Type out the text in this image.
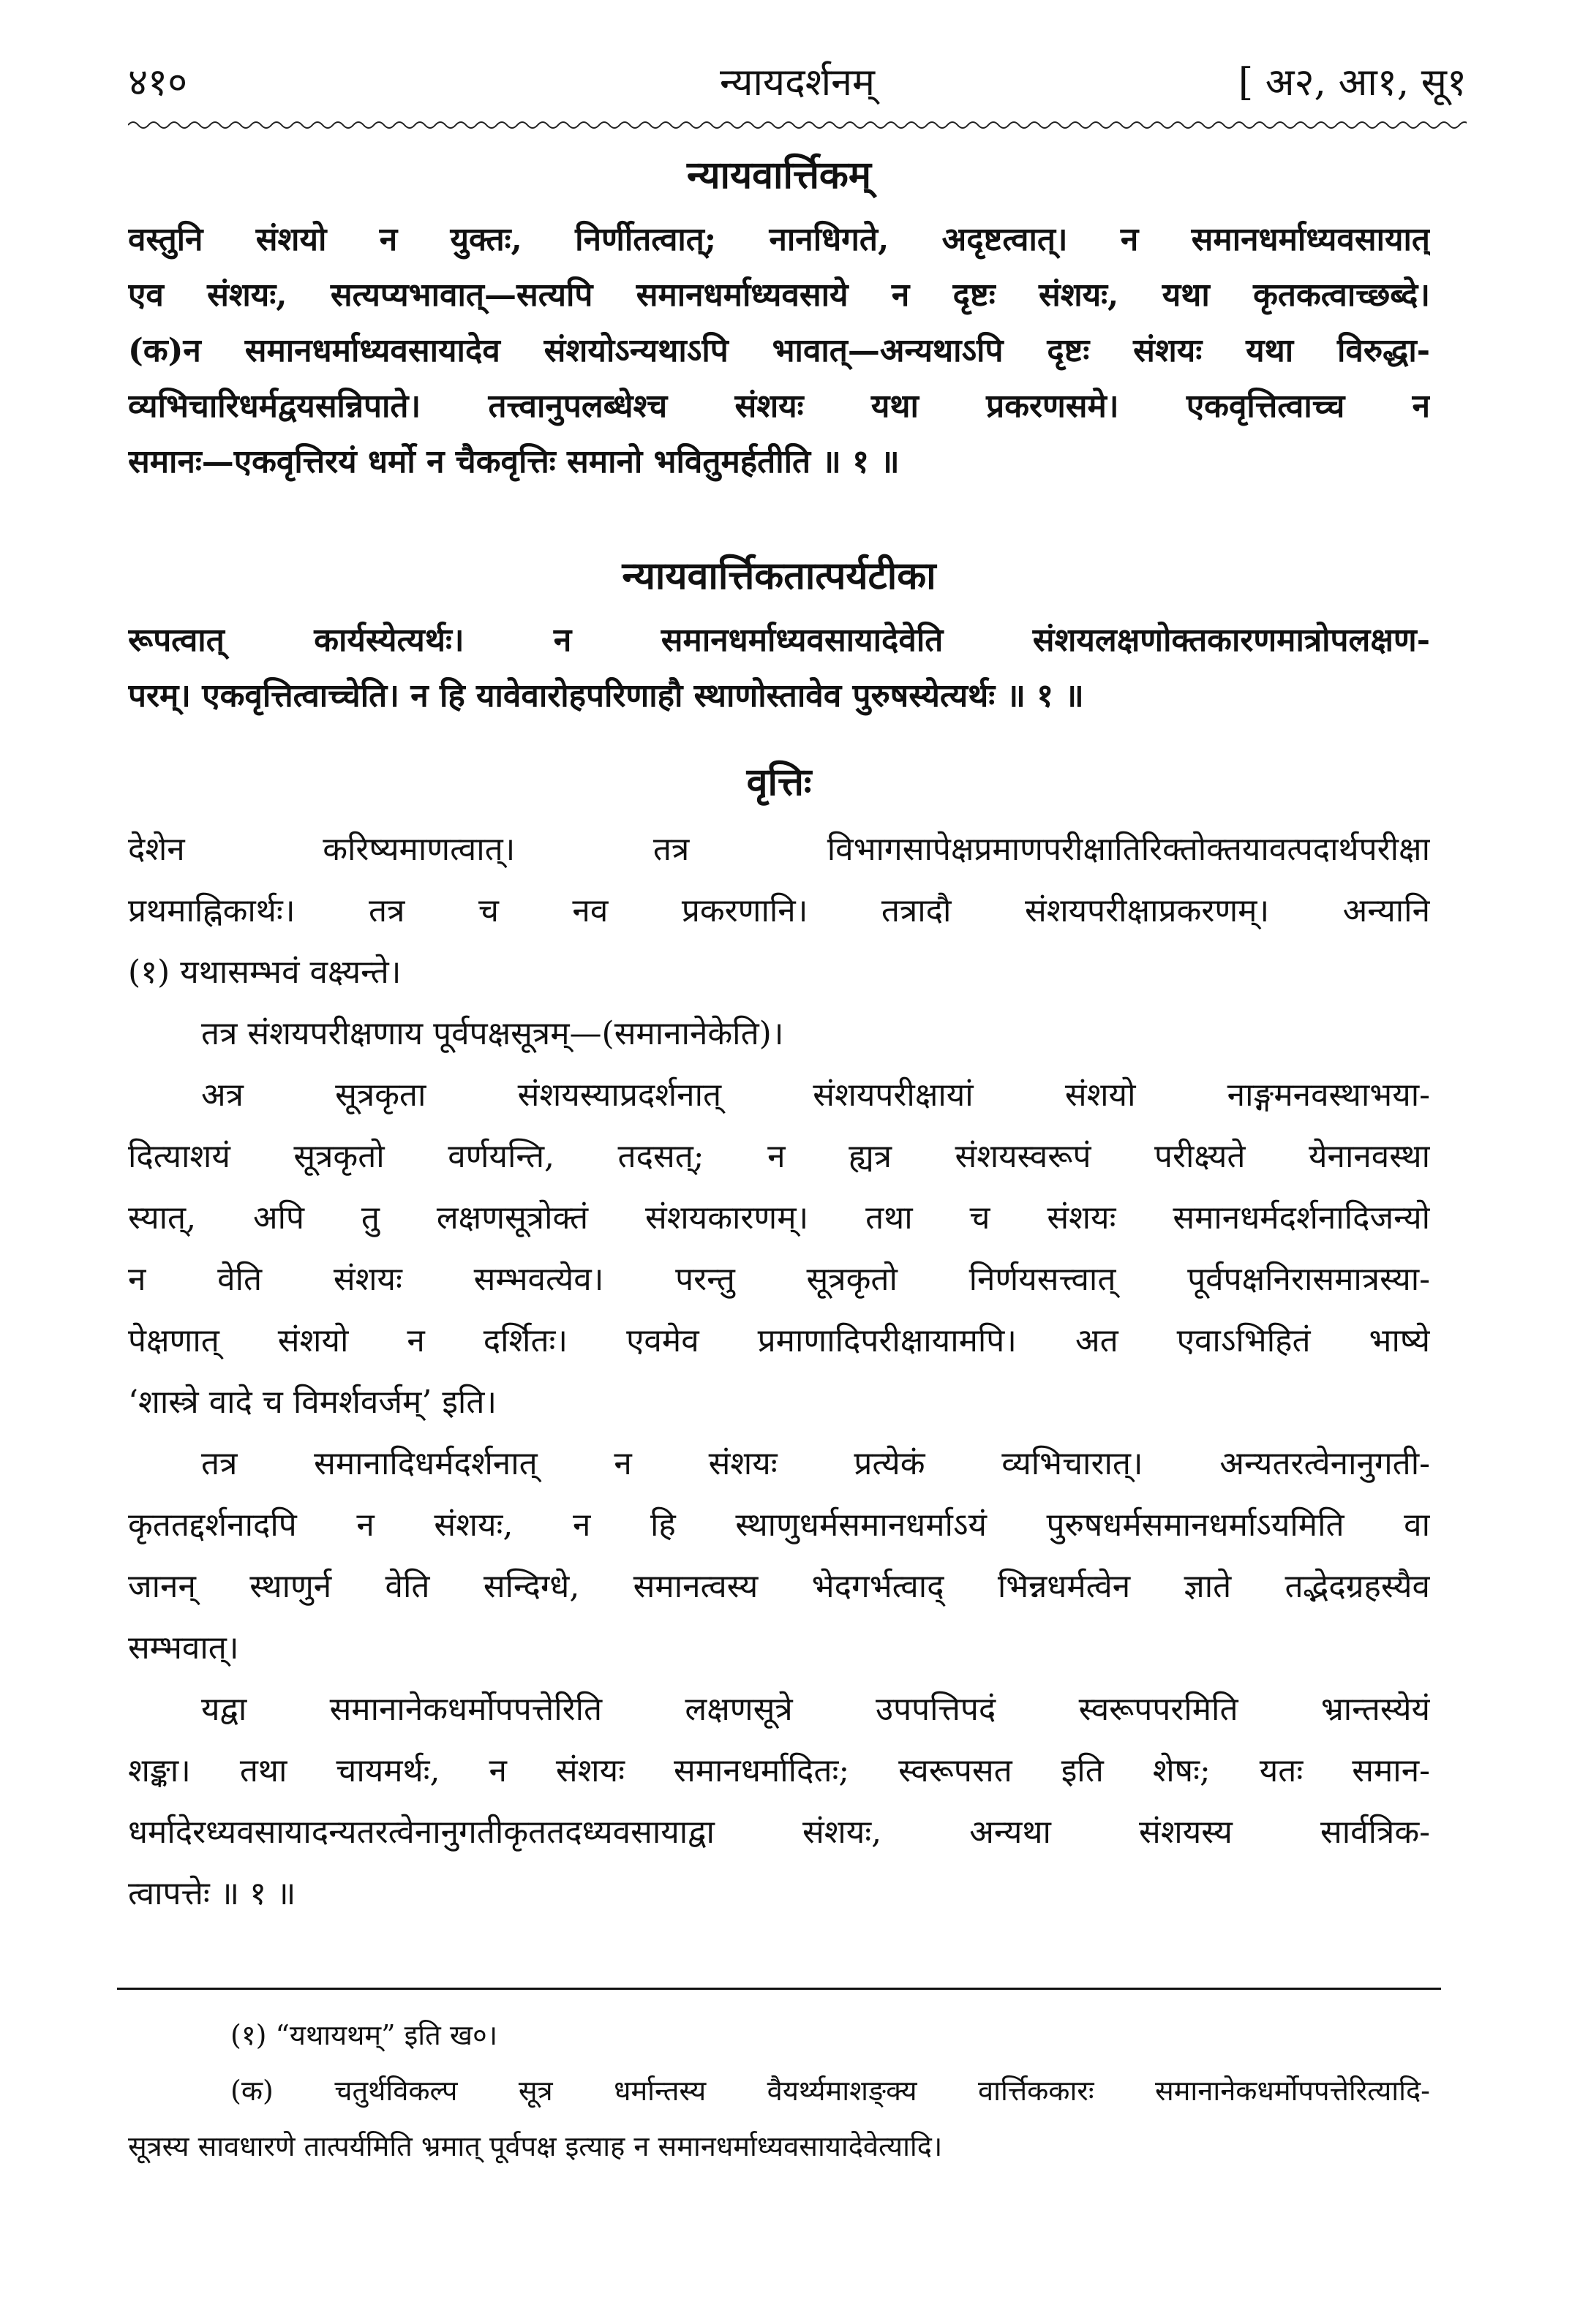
४१०	न्यायदर्शनम्	[ अ२, आ१, सू१
न्यायवार्त्तिकम्
वस्तुनि संशयो न युक्तः, निर्णीतत्वात्; नानधिगते, अदृष्टत्वात्। न समानधर्माध्यवसायात्
एव संशयः, सत्यप्यभावात्—सत्यपि समानधर्माध्यवसाये न दृष्टः संशयः, यथा कृतकत्वाच्छब्दे।
(क)न समानधर्माध्यवसायादेव संशयोऽन्यथाऽपि भावात्—अन्यथाऽपि दृष्टः संशयः यथा विरुद्धा-
व्यभिचारिधर्मद्वयसन्निपाते। तत्त्वानुपलब्धेश्च संशयः यथा प्रकरणसमे। एकवृत्तित्वाच्च न
समानः—एकवृत्तिरयं धर्मो न चैकवृत्तिः समानो भवितुमर्हतीति ॥ १ ॥
न्यायवार्त्तिकतात्पर्यटीका
रूपत्वात् कार्यस्येत्यर्थः। न समानधर्माध्यवसायादेवेति संशयलक्षणोक्तकारणमात्रोपलक्षण-
परम्। एकवृत्तित्वाच्चेति। न हि यावेवारोहपरिणाहौ स्थाणोस्तावेव पुरुषस्येत्यर्थः ॥ १ ॥
वृत्तिः
देशेन करिष्यमाणत्वात्। तत्र विभागसापेक्षप्रमाणपरीक्षातिरिक्तोक्तयावत्पदार्थपरीक्षा
प्रथमाह्निकार्थः। तत्र च नव प्रकरणानि। तत्रादौ संशयपरीक्षाप्रकरणम्। अन्यानि
(१) यथासम्भवं वक्ष्यन्ते।
तत्र संशयपरीक्षणाय पूर्वपक्षसूत्रम्—(समानानेकेति)।
अत्र सूत्रकृता संशयस्याप्रदर्शनात् संशयपरीक्षायां संशयो नाङ्गमनवस्थाभया-
दित्याशयं सूत्रकृतो वर्णयन्ति, तदसत्; न ह्यत्र संशयस्वरूपं परीक्ष्यते येनानवस्था
स्यात्, अपि तु लक्षणसूत्रोक्तं संशयकारणम्। तथा च संशयः समानधर्मदर्शनादिजन्यो
न वेति संशयः सम्भवत्येव। परन्तु सूत्रकृतो निर्णयसत्त्वात् पूर्वपक्षनिरासमात्रस्या-
पेक्षणात् संशयो न दर्शितः। एवमेव प्रमाणादिपरीक्षायामपि। अत एवाऽभिहितं भाष्ये
‘शास्त्रे वादे च विमर्शवर्जम्’ इति।
तत्र समानादिधर्मदर्शनात् न संशयः प्रत्येकं व्यभिचारात्। अन्यतरत्वेनानुगती-
कृततद्दर्शनादपि न संशयः, न हि स्थाणुधर्मसमानधर्माऽयं पुरुषधर्मसमानधर्माऽयमिति वा
जानन् स्थाणुर्न वेति सन्दिग्धे, समानत्वस्य भेदगर्भत्वाद् भिन्नधर्मत्वेन ज्ञाते तद्भेदग्रहस्यैव
सम्भवात्।
यद्वा समानानेकधर्मोपपत्तेरिति लक्षणसूत्रे उपपत्तिपदं स्वरूपपरमिति भ्रान्तस्येयं
शङ्का। तथा चायमर्थः, न संशयः समानधर्मादितः; स्वरूपसत इति शेषः; यतः समान-
धर्मादेरध्यवसायादन्यतरत्वेनानुगतीकृततदध्यवसायाद्वा संशयः, अन्यथा संशयस्य सार्वत्रिक-
त्वापत्तेः ॥ १ ॥
(१) “यथायथम्” इति ख०।
(क) चतुर्थविकल्प सूत्र धर्मान्तस्य वैयर्थ्यमाशङ्क्य वार्त्तिककारः समानानेकधर्मोपपत्तेरित्यादि-
सूत्रस्य सावधारणे तात्पर्यमिति भ्रमात् पूर्वपक्ष इत्याह न समानधर्माध्यवसायादेवेत्यादि।
